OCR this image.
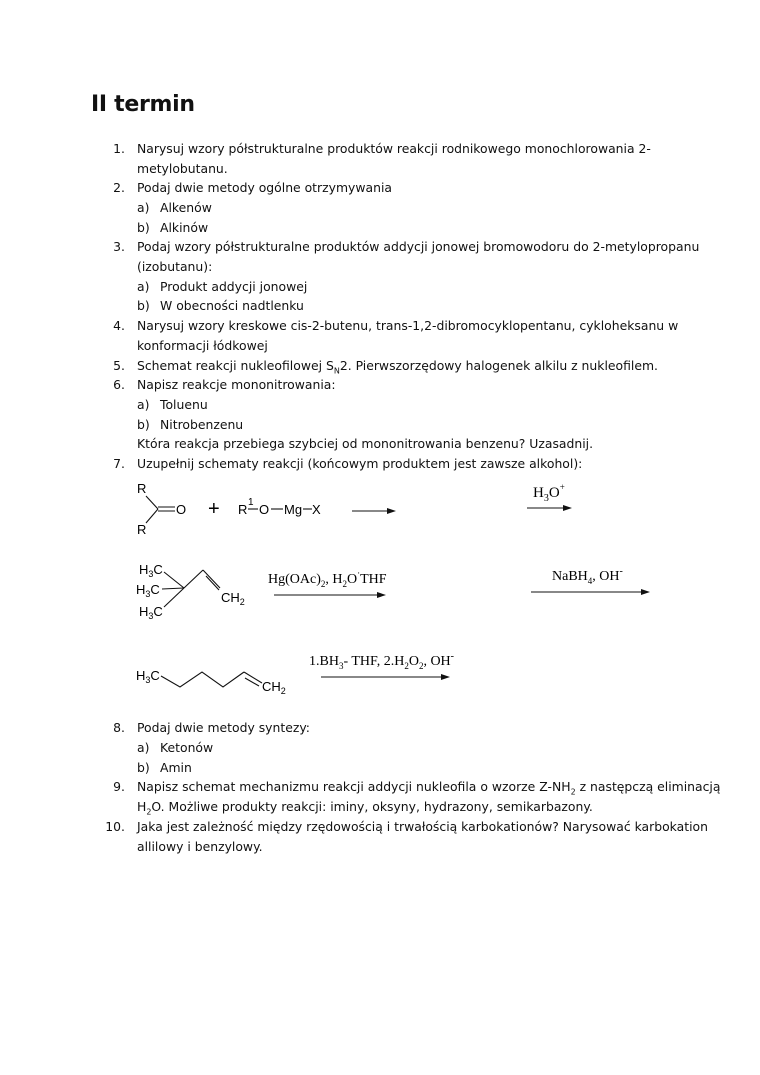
II termin
1. Narysuj wzory półstrukturalne produktów reakcji rodnikowego monochlorowania 2-
metylobutanu.
2. Podaj dwie metody ogólne otrzymywania
a) Alkenów
b) Alkinów
3. Podaj wzory półstrukturalne produktów addycji jonowej bromowodoru do 2-metylopropanu
(izobutanu):
a) Produkt addycji jonowej
b) W obecności nadtlenku
4. Narysuj wzory kreskowe cis-2-butenu, trans-1,2-dibromocyklopentanu, cykloheksanu w
konformacji łódkowej
5. Schemat reakcji nukleofilowej $S_N2$. Pierwszorzędowy halogenek alkilu z nukleofilem.
6. Napisz reakcje mononitrowania:
a) Toluenu
b) Nitrobenzenu
Która reakcja przebiega szybciej od mononitrowania benzenu? Uzasadnij.
7. Uzupełnij schematy reakcji (końcowym produktem jest zawsze alkohol):
R
O
R
+ R 1 O Mg X
$H_3O^+$
$H_3C$
$H_3C$
$H_3C$
$CH_2$
$Hg(OAc)_2$, $H_2O^\cdot THF$	NaBH$_4$, OH-
$H_3C$
$CH_2$
$1.BH_3-$ THF, $2.H_2O_2$, OH-
8. Podaj dwie metody syntezy:
a) Ketonów
b) Amin
9. Napisz schemat mechanizmu reakcji addycji nukleofila o wzorze $Z-NH_2$ z następczą eliminacją
$H_2O$. Możliwe produkty reakcji: iminy, oksyny, hydrazony, semikarbazony.
10. Jaka jest zależność między rzędowością i trwałością karbokationów? Narysować karbokation
allilowy i benzylowy.
